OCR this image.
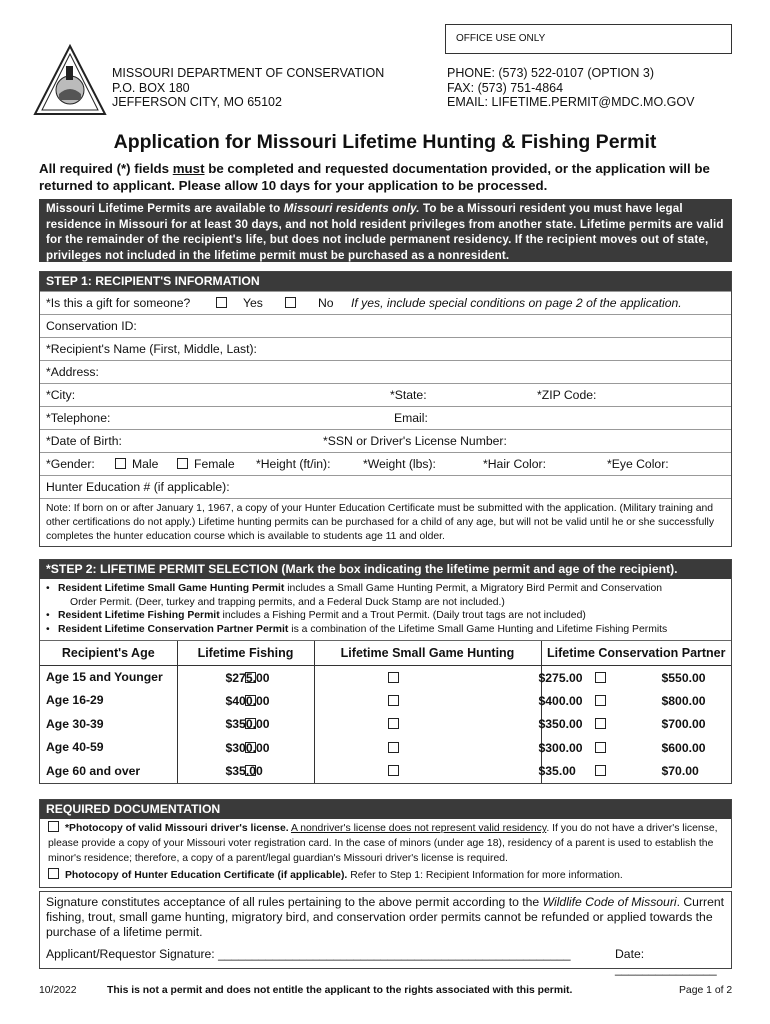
OFFICE USE ONLY
MISSOURI DEPARTMENT OF CONSERVATION
P.O. BOX 180
JEFFERSON CITY, MO 65102
PHONE: (573) 522-0107 (OPTION 3)
FAX: (573) 751-4864
EMAIL: LIFETIME.PERMIT@MDC.MO.GOV
Application for Missouri Lifetime Hunting & Fishing Permit
All required (*) fields must be completed and requested documentation provided, or the application will be returned to applicant. Please allow 10 days for your application to be processed.
Missouri Lifetime Permits are available to Missouri residents only. To be a Missouri resident you must have legal residence in Missouri for at least 30 days, and not hold resident privileges from another state. Lifetime permits are valid for the remainder of the recipient's life, but does not include permanent residency. If the recipient moves out of state, privileges not included in the lifetime permit must be purchased as a nonresident.
STEP 1: RECIPIENT'S INFORMATION
*Is this a gift for someone?	Yes	No If yes, include special conditions on page 2 of the application.
Conservation ID:
*Recipient's Name (First, Middle, Last):
*Address:
*City:	*State:	*ZIP Code:
*Telephone:	Email:
*Date of Birth:	*SSN or Driver's License Number:
*Gender:	Male	Female *Height (ft/in):	*Weight (lbs):	*Hair Color:	*Eye Color:
Hunter Education # (if applicable):
Note: If born on or after January 1, 1967, a copy of your Hunter Education Certificate must be submitted with the application. (Military training and other certifications do not apply.) Lifetime hunting permits can be purchased for a child of any age, but will not be valid until he or she successfully completes the hunter education course which is available to students age 11 and older.
*STEP 2: LIFETIME PERMIT SELECTION (Mark the box indicating the lifetime permit and age of the recipient).
• Resident Lifetime Small Game Hunting Permit includes a Small Game Hunting Permit, a Migratory Bird Permit and Conservation
Order Permit. (Deer, turkey and trapping permits, and a Federal Duck Stamp are not included.)
• Resident Lifetime Fishing Permit includes a Fishing Permit and a Trout Permit. (Daily trout tags are not included)
• Resident Lifetime Conservation Partner Permit is a combination of the Lifetime Small Game Hunting and Lifetime Fishing Permits
Recipient's Age	Lifetime Fishing	Lifetime Small Game Hunting	Lifetime Conservation Partner
Age 15 and Younger	$275.00	$275.00	$550.00

Age 16-29	$400.00	$400.00	$800.00

Age 30-39	$350.00	$350.00	$700.00

Age 40-59	$300.00	$300.00	$600.00

Age 60 and over	$35.00	$35.00	$70.00
REQUIRED DOCUMENTATION
*Photocopy of valid Missouri driver's license. A nondriver's license does not represent valid residency. If you do not have a driver's license, please provide a copy of your Missouri voter registration card. In the case of minors (under age 18), residency of a parent is used to establish the minor's residence; therefore, a copy of a parent/legal guardian's Missouri driver's license is required.
Photocopy of Hunter Education Certificate (if applicable). Refer to Step 1: Recipient Information for more information.
Signature constitutes acceptance of all rules pertaining to the above permit according to the Wildlife Code of Missouri. Current fishing, trout, small game hunting, migratory bird, and conservation order permits cannot be refunded or applied towards the purchase of a lifetime permit.
Applicant/Requestor Signature: ____________________________________________________	Date: _______________
10/2022	This is not a permit and does not entitle the applicant to the rights associated with this permit.	Page 1 of 2
